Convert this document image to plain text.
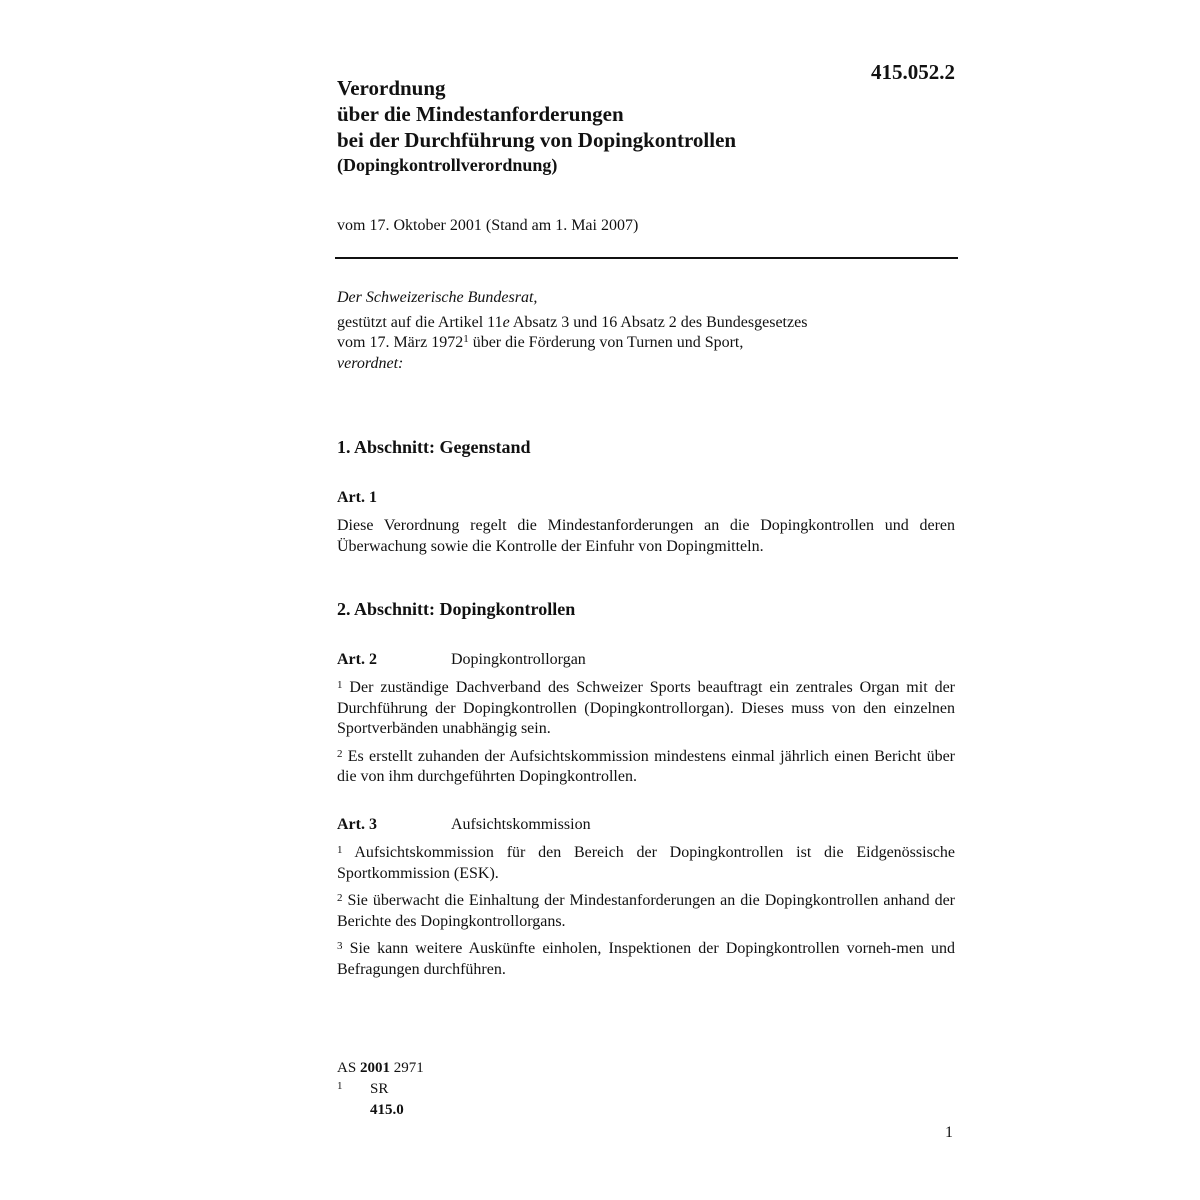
415.052.2
Verordnung
über die Mindestanforderungen
bei der Durchführung von Dopingkontrollen
(Dopingkontrollverordnung)
vom 17. Oktober 2001 (Stand am 1. Mai 2007)

Der Schweizerische Bundesrat,

gestützt auf die Artikel 11e Absatz 3 und 16 Absatz 2 des Bundesgesetzes
vom 17. März 1972$^1$ über die Förderung von Turnen und Sport,

verordnet:

1. Abschnitt: Gegenstand
Art. 1

Diese Verordnung regelt die Mindestanforderungen an die Dopingkontrollen und deren Überwachung sowie die Kontrolle der Einfuhr von Dopingmitteln.

2. Abschnitt: Dopingkontrollen
Art. 2	Dopingkontrollorgan

$^1$ Der zuständige Dachverband des Schweizer Sports beauftragt ein zentrales Organ mit der Durchführung der Dopingkontrollen (Dopingkontrollorgan). Dieses muss von den einzelnen Sportverbänden unabhängig sein.

$^2$ Es erstellt zuhanden der Aufsichtskommission mindestens einmal jährlich einen Bericht über die von ihm durchgeführten Dopingkontrollen.

Art. 3	Aufsichtskommission

$^1$ Aufsichtskommission für den Bereich der Dopingkontrollen ist die Eidgenössische Sportkommission (ESK).

$^2$ Sie überwacht die Einhaltung der Mindestanforderungen an die Dopingkontrollen anhand der Berichte des Dopingkontrollorgans.

$^3$ Sie kann weitere Auskünfte einholen, Inspektionen der Dopingkontrollen vorneh-men und Befragungen durchführen.

AS 2001 2971
1 SR 415.0
1
